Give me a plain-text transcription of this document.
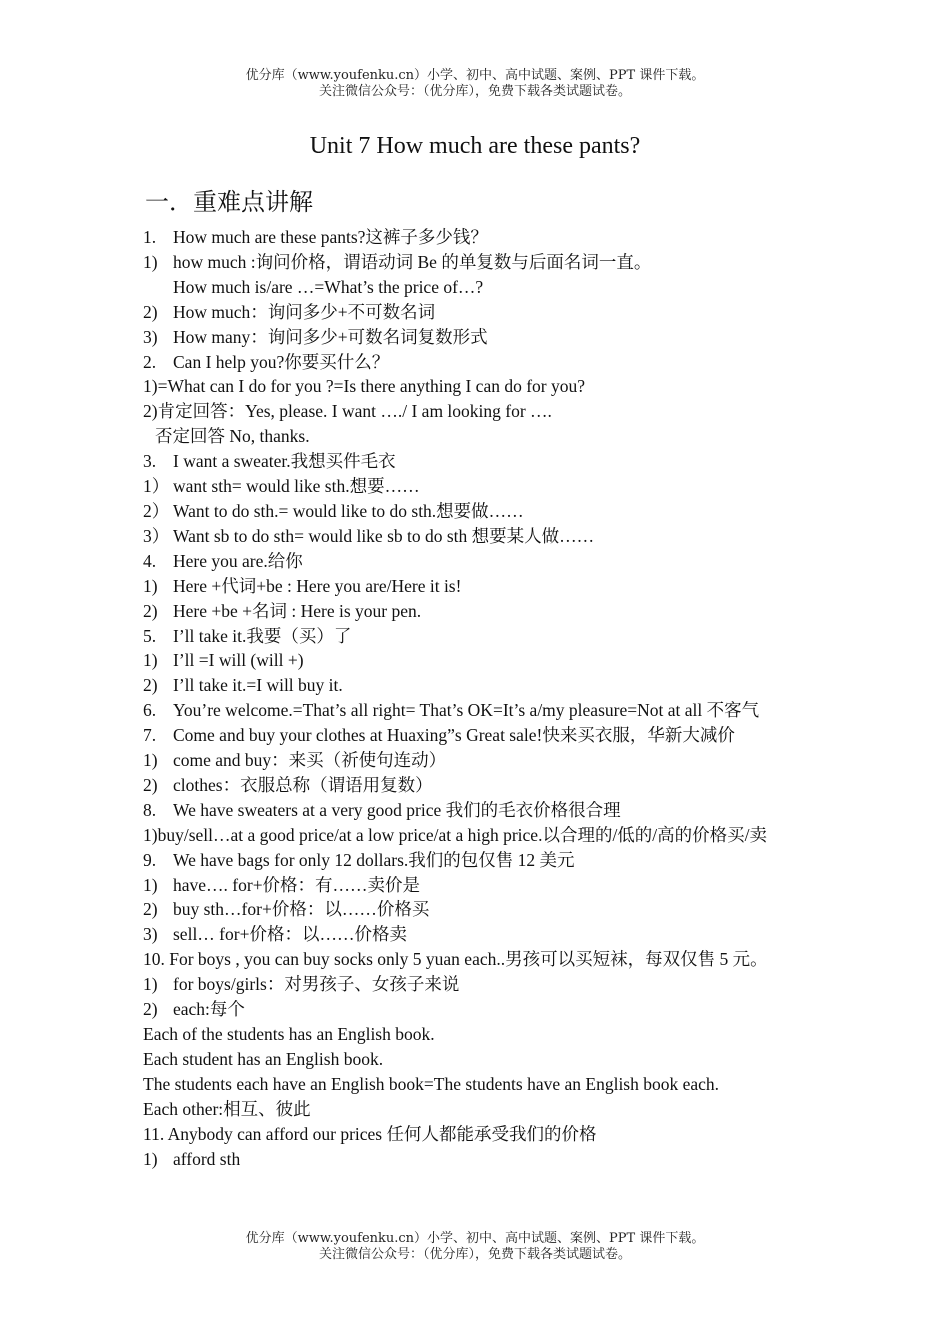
优分库（www.youfenku.cn）小学、初中、高中试题、案例、PPT 课件下载。
关注微信公众号：（优分库），免费下载各类试题试卷。
Unit 7 How much are these pants?
一．重难点讲解
1. How much are these pants?这裤子多少钱？
1) how much :询问价格，谓语动词 Be 的单复数与后面名词一直。
How much is/are …=What’s the price of…?
2) How much：询问多少+不可数名词
3) How many：询问多少+可数名词复数形式
2. Can I help you?你要买什么？
1)=What can I do for you ?=Is there anything I can do for you?
2)肯定回答：Yes, please. I want …./ I am looking for ….
否定回答 No, thanks.
3. I want a sweater.我想买件毛衣
1） want sth= would like sth.想要……
2） Want to do sth.= would like to do sth.想要做……
3） Want sb to do sth= would like sb to do sth 想要某人做……
4. Here you are.给你
1) Here +代词+be : Here you are/Here it is!
2) Here +be +名词 : Here is your pen.
5. I’ll take it.我要（买）了
1) I’ll =I will (will +)
2) I’ll take it.=I will buy it.
6. You’re welcome.=That’s all right= That’s OK=It’s a/my pleasure=Not at all 不客气
7. Come and buy your clothes at Huaxing”s Great sale!快来买衣服，华新大减价
1) come and buy：来买（祈使句连动）
2) clothes：衣服总称（谓语用复数）
8. We have sweaters at a very good price 我们的毛衣价格很合理
1)buy/sell…at a good price/at a low price/at a high price.以合理的/低的/高的价格买/卖
9. We have bags for only 12 dollars.我们的包仅售 12 美元
1) have…. for+价格：有……卖价是
2) buy sth…for+价格：以……价格买
3) sell… for+价格：以……价格卖
10. For boys , you can buy socks only 5 yuan each..男孩可以买短袜，每双仅售 5 元。
1) for boys/girls：对男孩子、女孩子来说
2) each:每个
Each of the students has an English book.
Each student has an English book.
The students each have an English book=The students have an English book each.
Each other:相互、彼此
11. Anybody can afford our prices 任何人都能承受我们的价格
1) afford sth
优分库（www.youfenku.cn）小学、初中、高中试题、案例、PPT 课件下载。
关注微信公众号：（优分库），免费下载各类试题试卷。
